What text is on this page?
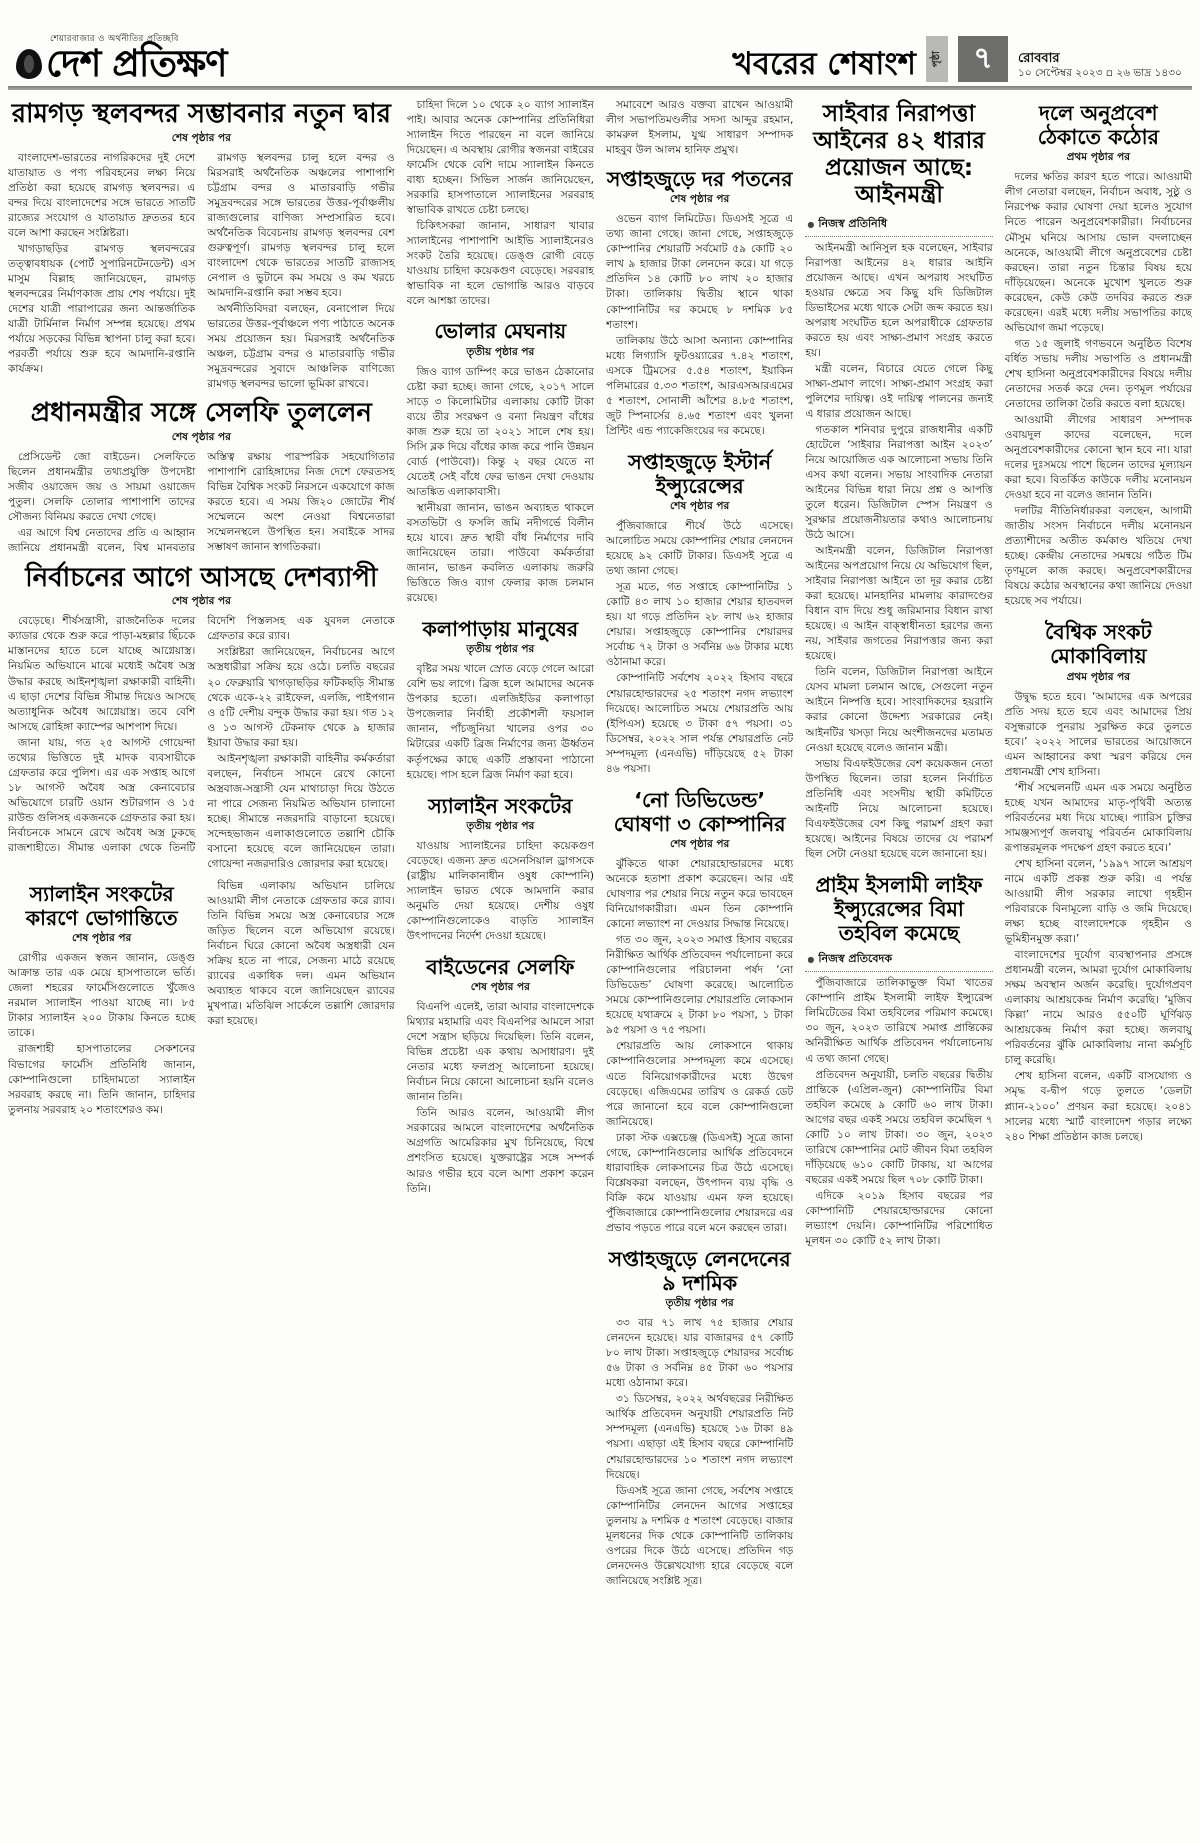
শেয়ারবাজার ও অর্থনীতির প্রতিচ্ছবি
দেশ প্রতিক্ষণ	খবরের শেষাংশ পৃষ্ঠা ৭ রোববার
১০ সেপ্টেম্বর ২০২৩ ▫ ২৬ ভাদ্র ১৪৩০
রামগড় স্থলবন্দর সম্ভাবনার নতুন দ্বার
শেষ পৃষ্ঠার পর

বাংলাদেশ-ভারতের নাগরিকদের দুই দেশে যাতায়াত ও পণ্য পরিবহনের লক্ষ্য নিয়ে প্রতিষ্ঠা করা হয়েছে রামগড় স্থলবন্দর। এ বন্দর দিয়ে বাংলাদেশের সঙ্গে ভারতে সাতটি রাজ্যের সংযোগ ও যাতায়াত দ্রুততর হবে বলে আশা করছেন সংশ্লিষ্টরা।

খাগড়াছড়ির রামগড় স্থলবন্দরের তত্ত্বাবধায়ক (পোর্ট সুপারিনটেনডেন্ট) এস মাসুম বিল্লাহ জানিয়েছেন, রামগড় স্থলবন্দরের নির্মাণকাজ প্রায় শেষ পর্যায়ে। দুই দেশের যাত্রী পারাপারের জন্য আন্তর্জাতিক যাত্রী টার্মিনাল নির্মাণ সম্পন্ন হয়েছে। প্রথম পর্যায়ে সড়কের বিভিন্ন স্থাপনা চালু করা হবে। পরবর্তী পর্যায়ে শুরু হবে আমদানি-রপ্তানি কার্যক্রম।

রামগড় স্থলবন্দর চালু হলে বন্দর ও মিরসরাই অর্থনৈতিক অঞ্চলের পাশাপাশি চট্টগ্রাম বন্দর ও মাতারবাড়ি গভীর সমুদ্রবন্দরের সঙ্গে ভারতের উত্তর-পূর্বাঞ্চলীয় রাজ্যগুলোর বাণিজ্য সম্প্রসারিত হবে। অর্থনৈতিক বিবেচনায় রামগড় স্থলবন্দর বেশ গুরুত্বপূর্ণ। রামগড় স্থলবন্দর চালু হলে বাংলাদেশ থেকে ভারতের সাতটি রাজ্যসহ নেপাল ও ভুটানে কম সময়ে ও কম খরচে আমদানি-রপ্তানি করা সম্ভব হবে।

অর্থনীতিবিদরা বলছেন, বেনাপোল দিয়ে ভারতের উত্তর-পূর্বাঞ্চলে পণ্য পাঠাতে অনেক সময় প্রয়োজন হয়। মিরসরাই অর্থনৈতিক অঞ্চল, চট্টগ্রাম বন্দর ও মাতারবাড়ি গভীর সমুদ্রবন্দরের সুবাদে আঞ্চলিক বাণিজ্যে রামগড় স্থলবন্দর ভালো ভূমিকা রাখবে।

প্রধানমন্ত্রীর সঙ্গে সেলফি তুললেন
শেষ পৃষ্ঠার পর

প্রেসিডেন্ট জো বাইডেন। সেলফিতে ছিলেন প্রধানমন্ত্রীর তথ্যপ্রযুক্তি উপদেষ্টা সজীব ওয়াজেদ জয় ও সায়মা ওয়াজেদ পুতুল। সেলফি তোলার পাশাপাশি তাদের সৌজন্য বিনিময় করতে দেখা গেছে।

এর আগে বিশ্ব নেতাদের প্রতি এ আহ্বান জানিয়ে প্রধানমন্ত্রী বলেন, বিশ্ব মানবতার অস্তিত্ব রক্ষায় পারস্পরিক সহযোগিতার পাশাপাশি রোহিঙ্গাদের নিজ দেশে ফেরতসহ বিভিন্ন বৈশ্বিক সংকট নিরসনে একযোগে কাজ করতে হবে। এ সময় জি২০ জোটের শীর্ষ সম্মেলনে অংশ নেওয়া বিশ্বনেতারা সম্মেলনস্থলে উপস্থিত হন। সবাইকে সাদর সম্ভাষণ জানান স্বাগতিকরা।

নির্বাচনের আগে আসছে দেশব্যাপী
শেষ পৃষ্ঠার পর

বেড়েছে। শীর্ষসন্ত্রাসী, রাজনৈতিক দলের ক্যাডার থেকে শুরু করে পাড়া-মহল্লার ছিঁচকে মাস্তানদের হাতে চলে যাচ্ছে আগ্নেয়াস্ত্র। নিয়মিত অভিযানে মাঝে মধ্যেই অবৈধ অস্ত্র উদ্ধার করছে আইনশৃঙ্খলা রক্ষাকারী বাহিনী। এ ছাড়া দেশের বিভিন্ন সীমান্ত দিয়েও আসছে অত্যাধুনিক অবৈধ আগ্নেয়াস্ত্র। তবে বেশি আসছে রোহিঙ্গা ক্যাম্পের আশপাশ দিয়ে।

জানা যায়, গত ২৫ আগস্ট গোয়েন্দা তথ্যের ভিত্তিতে দুই মাদক ব্যবসায়ীকে গ্রেফতার করে পুলিশ। এর এক সপ্তাহ আগে ১৮ আগস্ট অবৈধ অস্ত্র কেনাবেচার অভিযোগে চারটি ওয়ান শুটারগান ও ১৫ রাউন্ড গুলিসহ একজনকে গ্রেফতার করা হয়। নির্বাচনকে সামনে রেখে অবৈধ অস্ত্র ঢুকছে রাজশাহীতে। সীমান্ত এলাকা থেকে তিনটি বিদেশি পিস্তলসহ এক যুবদল নেতাকে গ্রেফতার করে র‍্যাব।

সংশ্লিষ্টরা জানিয়েছেন, নির্বাচনের আগে অস্ত্রধারীরা সক্রিয় হয়ে ওঠে। চলতি বছরের ২০ ফেব্রুয়ারি খাগড়াছড়ির ফটিকছড়ি সীমান্ত থেকে একে-২২ রাইফেল, এলজি, পাইপগান ও ৫টি দেশীয় বন্দুক উদ্ধার করা হয়। গত ১২ ও ১৩ আগস্ট টেকনাফ থেকে ৯ হাজার ইয়াবা উদ্ধার করা হয়।

আইনশৃঙ্খলা রক্ষাকারী বাহিনীর কর্মকর্তারা বলছেন, নির্বাচন সামনে রেখে কোনো অস্ত্রবাজ-সন্ত্রাসী যেন মাথাচাড়া দিয়ে উঠতে না পারে সেজন্য নিয়মিত অভিযান চালানো হচ্ছে। সীমান্তে নজরদারি বাড়ানো হয়েছে। সন্দেহভাজন এলাকাগুলোতে তল্লাশি চৌকি বসানো হয়েছে বলে জানিয়েছেন তারা। গোয়েন্দা নজরদারিও জোরদার করা হয়েছে।

স্যালাইন সংকটের কারণে ভোগান্তিতে
শেষ পৃষ্ঠার পর

রোগীর একজন স্বজন জানান, ডেঙ্গু আক্রান্ত তার এক মেয়ে হাসপাতালে ভর্তি। জেলা শহরের ফার্মেসিগুলোতে খুঁজেও নরমাল স্যালাইন পাওয়া যাচ্ছে না। ৮৫ টাকার স্যালাইন ২০০ টাকায় কিনতে হচ্ছে তাকে।

রাজশাহী হাসপাতালের সেকশনের বিভাগের ফার্মেসি প্রতিনিধি জানান, কোম্পানিগুলো চাহিদামতো স্যালাইন সরবরাহ করছে না। তিনি জানান, চাহিদার তুলনায় সরবরাহ ২০ শতাংশেরও কম।

বিভিন্ন এলাকায় অভিযান চালিয়ে আওয়ামী লীগ নেতাকে গ্রেফতার করে র‍্যাব। তিনি বিভিন্ন সময়ে অস্ত্র কেনাবেচার সঙ্গে জড়িত ছিলেন বলে অভিযোগ রয়েছে। নির্বাচন ঘিরে কোনো অবৈধ অস্ত্রধারী যেন সক্রিয় হতে না পারে, সেজন্য মাঠে রয়েছে র‍্যাবের একাধিক দল। এমন অভিযান অব্যাহত থাকবে বলে জানিয়েছেন র‍্যাবের মুখপাত্র। মতিঝিল সার্কেলে তল্লাশি জোরদার করা হয়েছে।

চাহিদা দিলে ১০ থেকে ২০ ব্যাগ স্যালাইন পাই। আবার অনেক কোম্পানির প্রতিনিধিরা স্যালাইন দিতে পারছেন না বলে জানিয়ে দিয়েছেন। এ অবস্থায় রোগীর স্বজনরা বাইরের ফার্মেসি থেকে বেশি দামে স্যালাইন কিনতে বাধ্য হচ্ছেন। সিভিল সার্জন জানিয়েছেন, সরকারি হাসপাতালে স্যালাইনের সরবরাহ স্বাভাবিক রাখতে চেষ্টা চলছে।

চিকিৎসকরা জানান, সাধারণ খাবার স্যালাইনের পাশাপাশি আইভি স্যালাইনেরও সংকট তৈরি হয়েছে। ডেঙ্গু রোগী বেড়ে যাওয়ায় চাহিদা কয়েকগুণ বেড়েছে। সরবরাহ স্বাভাবিক না হলে ভোগান্তি আরও বাড়বে বলে আশঙ্কা তাদের।

ভোলার মেঘনায়
তৃতীয় পৃষ্ঠার পর

জিও ব্যাগ ডাম্পিং করে ভাঙন ঠেকানোর চেষ্টা করা হচ্ছে। জানা গেছে, ২০১৭ সালে সাড়ে ৩ কিলোমিটার এলাকায় কোটি টাকা ব্যয়ে তীর সংরক্ষণ ও বন্যা নিয়ন্ত্রণ বাঁধের কাজ শুরু হয়ে তা ২০২১ সালে শেষ হয়। সিসি ব্লক দিয়ে বাঁধের কাজ করে পানি উন্নয়ন বোর্ড (পাউবো)। কিন্তু ২ বছর যেতে না যেতেই সেই বাঁধে ফের ভাঙন দেখা দেওয়ায় আতঙ্কিত এলাকাবাসী।

স্থানীয়রা জানান, ভাঙন অব্যাহত থাকলে বসতভিটা ও ফসলি জমি নদীগর্ভে বিলীন হয়ে যাবে। দ্রুত স্থায়ী বাঁধ নির্মাণের দাবি জানিয়েছেন তারা। পাউবো কর্মকর্তারা জানান, ভাঙন কবলিত এলাকায় জরুরি ভিত্তিতে জিও ব্যাগ ফেলার কাজ চলমান রয়েছে।

কলাপাড়ায় মানুষের
তৃতীয় পৃষ্ঠার পর

বৃষ্টির সময় খালে স্রোত বেড়ে গেলে আরো বেশি ভয় লাগে। ব্রিজ হলে আমাদের অনেক উপকার হতো। এলজিইডির কলাপাড়া উপজেলার নির্বাহী প্রকৌশলী ফয়সাল জানান, পাঁচজুনিয়া খালের ওপর ৩০ মিটারের একটি ব্রিজ নির্মাণের জন্য ঊর্ধ্বতন কর্তৃপক্ষের কাছে একটি প্রস্তাবনা পাঠানো হয়েছে। পাস হলে ব্রিজ নির্মাণ করা হবে।

স্যালাইন সংকটের
তৃতীয় পৃষ্ঠার পর

যাওয়ায় স্যালাইনের চাহিদা কয়েকগুণ বেড়েছে। এজন্য দ্রুত এসেনসিয়াল ড্রাগসকে (রাষ্ট্রীয় মালিকানাধীন ওষুধ কোম্পানি) স্যালাইন ভারত থেকে আমদানি করার অনুমতি দেয়া হয়েছে। দেশীয় ওষুধ কোম্পানিগুলোকেও বাড়তি স্যালাইন উৎপাদনের নির্দেশ দেওয়া হয়েছে।

বাইডেনের সেলফি
শেষ পৃষ্ঠার পর

বিএনপি এলেই, তারা আবার বাংলাদেশকে মিথ্যার মহামারি এবং বিএনপির আমলে সারা দেশে সন্ত্রাস ছড়িয়ে দিয়েছিল। তিনি বলেন, বিভিন্ন প্রচেষ্টা এক কথায় অসাধারণ। দুই নেতার মধ্যে ফলপ্রসূ আলোচনা হয়েছে। নির্বাচন নিয়ে কোনো আলোচনা হয়নি বলেও জানান তিনি।

তিনি আরও বলেন, আওয়ামী লীগ সরকারের আমলে বাংলাদেশের অর্থনৈতিক অগ্রগতি আমেরিকার মুখ চিনিয়েছে, বিশ্বে প্রশংসিত হয়েছে। যুক্তরাষ্ট্রের সঙ্গে সম্পর্ক আরও গভীর হবে বলে আশা প্রকাশ করেন তিনি।

সমাবেশে আরও বক্তব্য রাখেন আওয়ামী লীগ সভাপতিমণ্ডলীর সদস্য আব্দুর রহমান, কামরুল ইসলাম, যুগ্ম সাধারণ সম্পাদক মাহবুব উল আলম হানিফ প্রমুখ।

সপ্তাহজুড়ে দর পতনের
শেষ পৃষ্ঠার পর

ওভেন ব্যাগ লিমিটেড। ডিএসই সূত্রে এ তথ্য জানা গেছে। জানা গেছে, সপ্তাহজুড়ে কোম্পানির শেয়ারটি সর্বমোট ৫৯ কোটি ২০ লাখ ৯ হাজার টাকা লেনদেন করে। যা গড়ে প্রতিদিন ১৪ কোটি ৮০ লাখ ২০ হাজার টাকা। তালিকায় দ্বিতীয় স্থানে থাকা কোম্পানিটির দর কমেছে ৮ দশমিক ৮৫ শতাংশ।

তালিকায় উঠে আসা অন্যান্য কোম্পানির মধ্যে লিগ্যাসি ফুটওয়্যারের ৭.৪২ শতাংশ, এসকে ট্রিমসের ৫.৫৪ শতাংশ, ইয়াকিন পলিমারের ৫.৩৩ শতাংশ, আরএসআরএমের ৫ শতাংশ, সোনালী আঁশের ৪.৮৫ শতাংশ, জুট স্পিনার্সের ৪.৬৫ শতাংশ এবং খুলনা প্রিন্টিং এন্ড প্যাকেজিংয়ের দর কমেছে।

সপ্তাহজুড়ে ইস্টার্ন ইন্স্যুরেন্সের
শেষ পৃষ্ঠার পর

পুঁজিবাজারে শীর্ষে উঠে এসেছে। আলোচিত সময়ে কোম্পানির শেয়ার লেনদেন হয়েছে ৯২ কোটি টাকার। ডিএসই সূত্রে এ তথ্য জানা গেছে।

সূত্র মতে, গত সপ্তাহে কোম্পানিটির ১ কোটি ৪৩ লাখ ১০ হাজার শেয়ার হাতবদল হয়। যা গড়ে প্রতিদিন ২৮ লাখ ৬২ হাজার শেয়ার। সপ্তাহজুড়ে কোম্পানির শেয়ারদর সর্বোচ্চ ৭২ টাকা ও সর্বনিম্ন ৬৬ টাকার মধ্যে ওঠানামা করে।

কোম্পানিটি সর্বশেষ ২০২২ হিসাব বছরে শেয়ারহোল্ডারদের ২৫ শতাংশ নগদ লভ্যাংশ দিয়েছে। আলোচিত সময়ে শেয়ারপ্রতি আয় (ইপিএস) হয়েছে ৩ টাকা ৫৭ পয়সা। ৩১ ডিসেম্বর, ২০২২ সাল পর্যন্ত শেয়ারপ্রতি নেট সম্পদমূল্য (এনএভি) দাঁড়িয়েছে ৫২ টাকা ৪৬ পয়সা।

‘নো ডিভিডেন্ড’ ঘোষণা ৩ কোম্পানির
শেষ পৃষ্ঠার পর

ঝুঁকিতে থাকা শেয়ারহোল্ডারদের মধ্যে অনেকে হতাশা প্রকাশ করেছেন। আর এই ঘোষণার পর শেয়ার নিয়ে নতুন করে ভাবছেন বিনিয়োগকারীরা। এমন তিন কোম্পানি কোনো লভ্যাংশ না দেওয়ার সিদ্ধান্ত নিয়েছে।

গত ৩০ জুন, ২০২৩ সমাপ্ত হিসাব বছরের নিরীক্ষিত আর্থিক প্রতিবেদন পর্যালোচনা করে কোম্পানিগুলোর পরিচালনা পর্ষদ ‘নো ডিভিডেন্ড’ ঘোষণা করেছে। আলোচিত সময়ে কোম্পানিগুলোর শেয়ারপ্রতি লোকসান হয়েছে যথাক্রমে ২ টাকা ৮০ পয়সা, ১ টাকা ৯৫ পয়সা ও ৭৫ পয়সা।

শেয়ারপ্রতি আয় লোকসানে থাকায় কোম্পানিগুলোর সম্পদমূল্য কমে এসেছে। এতে বিনিয়োগকারীদের মধ্যে উদ্বেগ বেড়েছে। এজিএমের তারিখ ও রেকর্ড ডেট পরে জানানো হবে বলে কোম্পানিগুলো জানিয়েছে।

ঢাকা স্টক এক্সচেঞ্জ (ডিএসই) সূত্রে জানা গেছে, কোম্পানিগুলোর আর্থিক প্রতিবেদনে ধারাবাহিক লোকসানের চিত্র উঠে এসেছে। বিশ্লেষকরা বলছেন, উৎপাদন ব্যয় বৃদ্ধি ও বিক্রি কমে যাওয়ায় এমন ফল হয়েছে। পুঁজিবাজারে কোম্পানিগুলোর শেয়ারদরে এর প্রভাব পড়তে পারে বলে মনে করছেন তারা।

সপ্তাহজুড়ে লেনদেনের ৯ দশমিক
তৃতীয় পৃষ্ঠার পর

৩৩ বার ৭১ লাখ ৭৫ হাজার শেয়ার লেনদেন হয়েছে। যার বাজারদর ৫৭ কোটি ৮০ লাখ টাকা। সপ্তাহজুড়ে শেয়ারদর সর্বোচ্চ ৫৬ টাকা ও সর্বনিম্ন ৪৫ টাকা ৬০ পয়সার মধ্যে ওঠানামা করে।

৩১ ডিসেম্বর, ২০২২ অর্থবছরের নিরীক্ষিত আর্থিক প্রতিবেদন অনুযায়ী শেয়ারপ্রতি নিট সম্পদমূল্য (এনএভি) হয়েছে ১৬ টাকা ৪৯ পয়সা। এছাড়া এই হিসাব বছরে কোম্পানিটি শেয়ারহোল্ডারদের ১০ শতাংশ নগদ লভ্যাংশ দিয়েছে।

ডিএসই সূত্রে জানা গেছে, সর্বশেষ সপ্তাহে কোম্পানিটির লেনদেন আগের সপ্তাহের তুলনায় ৯ দশমিক ৫ শতাংশ বেড়েছে। বাজার মূলধনের দিক থেকে কোম্পানিটি তালিকায় ওপরের দিকে উঠে এসেছে। প্রতিদিন গড় লেনদেনও উল্লেখযোগ্য হারে বেড়েছে বলে জানিয়েছে সংশ্লিষ্ট সূত্র।

সাইবার নিরাপত্তা আইনের ৪২ ধারার প্রয়োজন আছে: আইনমন্ত্রী
● নিজস্ব প্রতিনিধি

আইনমন্ত্রী আনিসুল হক বলেছেন, সাইবার নিরাপত্তা আইনের ৪২ ধারার আইনি প্রয়োজন আছে। এখন অপরাধ সংঘটিত হওয়ার ক্ষেত্রে সব কিছু যদি ডিজিটাল ডিভাইসের মধ্যে থাকে সেটা জব্দ করতে হয়। অপরাধ সংঘটিত হলে অপরাধীকে গ্রেফতার করতে হয় এবং সাক্ষ্য-প্রমাণ সংগ্রহ করতে হয়।

মন্ত্রী বলেন, বিচারে যেতে গেলে কিছু সাক্ষ্য-প্রমাণ লাগে। সাক্ষ্য-প্রমাণ সংগ্রহ করা পুলিশের দায়িত্ব। ওই দায়িত্ব পালনের জন্যই এ ধারার প্রয়োজন আছে।

গতকাল শনিবার দুপুরে রাজধানীর একটি হোটেলে ‘সাইবার নিরাপত্তা আইন ২০২৩’ নিয়ে আয়োজিত এক আলোচনা সভায় তিনি এসব কথা বলেন। সভায় সাংবাদিক নেতারা আইনের বিভিন্ন ধারা নিয়ে প্রশ্ন ও আপত্তি তুলে ধরেন। ডিজিটাল স্পেস নিয়ন্ত্রণ ও সুরক্ষার প্রয়োজনীয়তার কথাও আলোচনায় উঠে আসে।

আইনমন্ত্রী বলেন, ডিজিটাল নিরাপত্তা আইনের অপপ্রয়োগ নিয়ে যে অভিযোগ ছিল, সাইবার নিরাপত্তা আইনে তা দূর করার চেষ্টা করা হয়েছে। মানহানির মামলায় কারাদণ্ডের বিধান বাদ দিয়ে শুধু জরিমানার বিধান রাখা হয়েছে। এ আইন বাক্‌স্বাধীনতা হরণের জন্য নয়, সাইবার জগতের নিরাপত্তার জন্য করা হয়েছে।

তিনি বলেন, ডিজিটাল নিরাপত্তা আইনে যেসব মামলা চলমান আছে, সেগুলো নতুন আইনে নিষ্পত্তি হবে। সাংবাদিকদের হয়রানি করার কোনো উদ্দেশ্য সরকারের নেই। আইনটির খসড়া নিয়ে অংশীজনদের মতামত নেওয়া হয়েছে বলেও জানান মন্ত্রী।

সভায় বিএফইউজের বেশ কয়েকজন নেতা উপস্থিত ছিলেন। তারা হলেন নির্বাচিত প্রতিনিধি এবং সংসদীয় স্থায়ী কমিটিতে আইনটি নিয়ে আলোচনা হয়েছে। বিএফইউজের বেশ কিছু পরামর্শ গ্রহণ করা হয়েছে। আইনের বিষয়ে তাদের যে পরামর্শ ছিল সেটা নেওয়া হয়েছে বলে জানানো হয়।

প্রাইম ইসলামী লাইফ ইন্স্যুরেন্সের বিমা তহবিল কমেছে
● নিজস্ব প্রতিবেদক

পুঁজিবাজারে তালিকাভুক্ত বিমা খাতের কোম্পানি প্রাইম ইসলামী লাইফ ইন্স্যুরেন্স লিমিটেডের বিমা তহবিলের পরিমাণ কমেছে। ৩০ জুন, ২০২৩ তারিখে সমাপ্ত প্রান্তিকের অনিরীক্ষিত আর্থিক প্রতিবেদন পর্যালোচনায় এ তথ্য জানা গেছে।

প্রতিবেদন অনুযায়ী, চলতি বছরের দ্বিতীয় প্রান্তিকে (এপ্রিল-জুন) কোম্পানিটির বিমা তহবিল কমেছে ৯ কোটি ৬০ লাখ টাকা। আগের বছর একই সময়ে তহবিল কমেছিল ৭ কোটি ১০ লাখ টাকা। ৩০ জুন, ২০২৩ তারিখে কোম্পানির মোট জীবন বিমা তহবিল দাঁড়িয়েছে ৬১০ কোটি টাকায়, যা আগের বছরের একই সময়ে ছিল ৭০৮ কোটি টাকা।

এদিকে ২০১৯ হিসাব বছরের পর কোম্পানিটি শেয়ারহোল্ডারদের কোনো লভ্যাংশ দেয়নি। কোম্পানিটির পরিশোধিত মূলধন ৩০ কোটি ৫২ লাখ টাকা।

দলে অনুপ্রবেশ ঠেকাতে কঠোর
প্রথম পৃষ্ঠার পর

দলের ক্ষতির কারণ হতে পারে। আওয়ামী লীগ নেতারা বলছেন, নির্বাচন অবাধ, সুষ্ঠু ও নিরপেক্ষ করার ঘোষণা দেয়া হলেও সুযোগ নিতে পারেন অনুপ্রবেশকারীরা। নির্বাচনের মৌসুম ঘনিয়ে আসায় ভোল বদলাচ্ছেন অনেকে, আওয়ামী লীগে অনুপ্রবেশের চেষ্টা করছেন। তারা নতুন চিন্তার বিষয় হয়ে দাঁড়িয়েছেন। অনেকে মুখোশ খুলতে শুরু করেছেন, কেউ কেউ তদবির করতে শুরু করেছেন। এরই মধ্যে দলীয় সভাপতির কাছে অভিযোগ জমা পড়েছে।

গত ১৫ জুলাই গণভবনে অনুষ্ঠিত বিশেষ বর্ধিত সভায় দলীয় সভাপতি ও প্রধানমন্ত্রী শেখ হাসিনা অনুপ্রবেশকারীদের বিষয়ে দলীয় নেতাদের সতর্ক করে দেন। তৃণমূল পর্যায়ের নেতাদের তালিকা তৈরি করতে বলা হয়েছে।

আওয়ামী লীগের সাধারণ সম্পাদক ওবায়দুল কাদের বলেছেন, দলে অনুপ্রবেশকারীদের কোনো স্থান হবে না। যারা দলের দুঃসময়ে পাশে ছিলেন তাদের মূল্যায়ন করা হবে। বিতর্কিত কাউকে দলীয় মনোনয়ন দেওয়া হবে না বলেও জানান তিনি।

দলটির নীতিনির্ধারকরা বলছেন, আগামী জাতীয় সংসদ নির্বাচনে দলীয় মনোনয়ন প্রত্যাশীদের অতীত কর্মকাণ্ড খতিয়ে দেখা হচ্ছে। কেন্দ্রীয় নেতাদের সমন্বয়ে গঠিত টিম তৃণমূলে কাজ করছে। অনুপ্রবেশকারীদের বিষয়ে কঠোর অবস্থানের কথা জানিয়ে দেওয়া হয়েছে সব পর্যায়ে।

বৈশ্বিক সংকট মোকাবিলায়
প্রথম পৃষ্ঠার পর

উদ্বুদ্ধ হতে হবে। ‘আমাদের এক অপরের প্রতি সদয় হতে হবে এবং আমাদের প্রিয় বসুন্ধরাকে পুনরায় সুরক্ষিত করে তুলতে হবে।’ ২০২২ সালের ভারতের আয়োজনে এমন আহ্বানের কথা স্মরণ করিয়ে দেন প্রধানমন্ত্রী শেখ হাসিনা।

‘শীর্ষ সম্মেলনটি এমন এক সময়ে অনুষ্ঠিত হচ্ছে যখন আমাদের মাতৃ-পৃথিবী অত্যন্ত পরিবর্তনের মধ্য দিয়ে যাচ্ছে। প্যারিস চুক্তির সামঞ্জস্যপূর্ণ জলবায়ু পরিবর্তন মোকাবিলায় রূপান্তরমূলক পদক্ষেপ গ্রহণ করতে হবে।’

শেখ হাসিনা বলেন, ‘১৯৯৭ সালে আশ্রয়ণ নামে একটি প্রকল্প শুরু করি। এ পর্যন্ত আওয়ামী লীগ সরকার লাখো গৃহহীন পরিবারকে বিনামূল্যে বাড়ি ও জমি দিয়েছে। লক্ষ্য হচ্ছে বাংলাদেশকে গৃহহীন ও ভূমিহীনমুক্ত করা।’

বাংলাদেশের দুর্যোগ ব্যবস্থাপনার প্রসঙ্গে প্রধানমন্ত্রী বলেন, আমরা দুর্যোগ মোকাবিলায় সক্ষম অবস্থান অর্জন করেছি। দুর্যোগপ্রবণ এলাকায় আশ্রয়কেন্দ্র নির্মাণ করেছি। ‘মুজিব কিল্লা’ নামে আরও ৫৫০টি ঘূর্ণিঝড় আশ্রয়কেন্দ্র নির্মাণ করা হচ্ছে। জলবায়ু পরিবর্তনের ঝুঁকি মোকাবিলায় নানা কর্মসূচি চালু করেছি।

শেখ হাসিনা বলেন, একটি বাসযোগ্য ও সমৃদ্ধ ব-দ্বীপ গড়ে তুলতে ‘ডেলটা প্ল্যান-২১০০’ প্রণয়ন করা হয়েছে। ২০৪১ সালের মধ্যে স্মার্ট বাংলাদেশ গড়ার লক্ষ্যে ২৪০ শিক্ষা প্রতিষ্ঠান কাজ চলছে।
